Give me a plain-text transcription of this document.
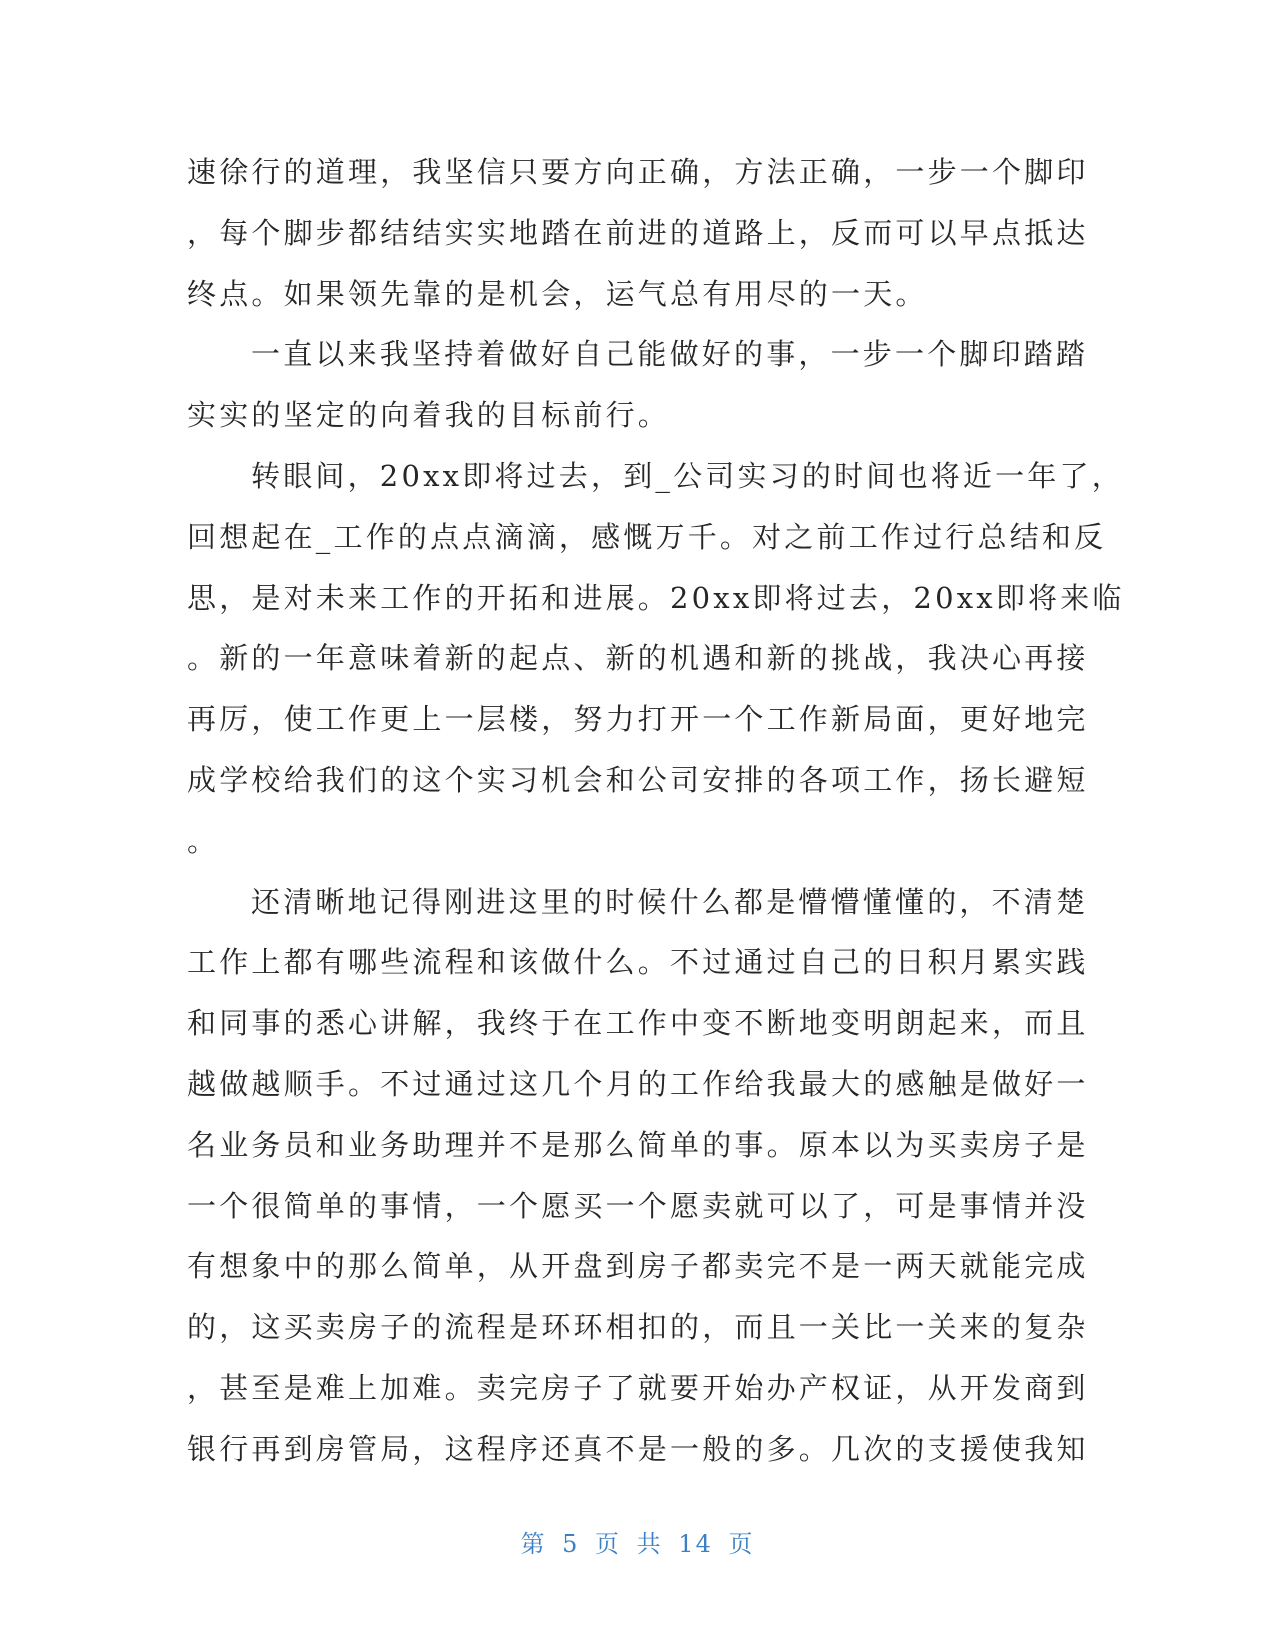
速徐行的道理，我坚信只要方向正确，方法正确，一步一个脚印
，每个脚步都结结实实地踏在前进的道路上，反而可以早点抵达
终点。如果领先靠的是机会，运气总有用尽的一天。
一直以来我坚持着做好自己能做好的事，一步一个脚印踏踏
实实的坚定的向着我的目标前行。
转眼间，20xx即将过去，到_公司实习的时间也将近一年了，
回想起在_工作的点点滴滴，感慨万千。对之前工作过行总结和反
思，是对未来工作的开拓和进展。20xx即将过去，20xx即将来临
。新的一年意味着新的起点、新的机遇和新的挑战，我决心再接
再厉，使工作更上一层楼，努力打开一个工作新局面，更好地完
成学校给我们的这个实习机会和公司安排的各项工作，扬长避短
。
还清晰地记得刚进这里的时候什么都是懵懵懂懂的，不清楚
工作上都有哪些流程和该做什么。不过通过自己的日积月累实践
和同事的悉心讲解，我终于在工作中变不断地变明朗起来，而且
越做越顺手。不过通过这几个月的工作给我最大的感触是做好一
名业务员和业务助理并不是那么简单的事。原本以为买卖房子是
一个很简单的事情，一个愿买一个愿卖就可以了，可是事情并没
有想象中的那么简单，从开盘到房子都卖完不是一两天就能完成
的，这买卖房子的流程是环环相扣的，而且一关比一关来的复杂
，甚至是难上加难。卖完房子了就要开始办产权证，从开发商到
银行再到房管局，这程序还真不是一般的多。几次的支援使我知
第 5 页 共 14 页
